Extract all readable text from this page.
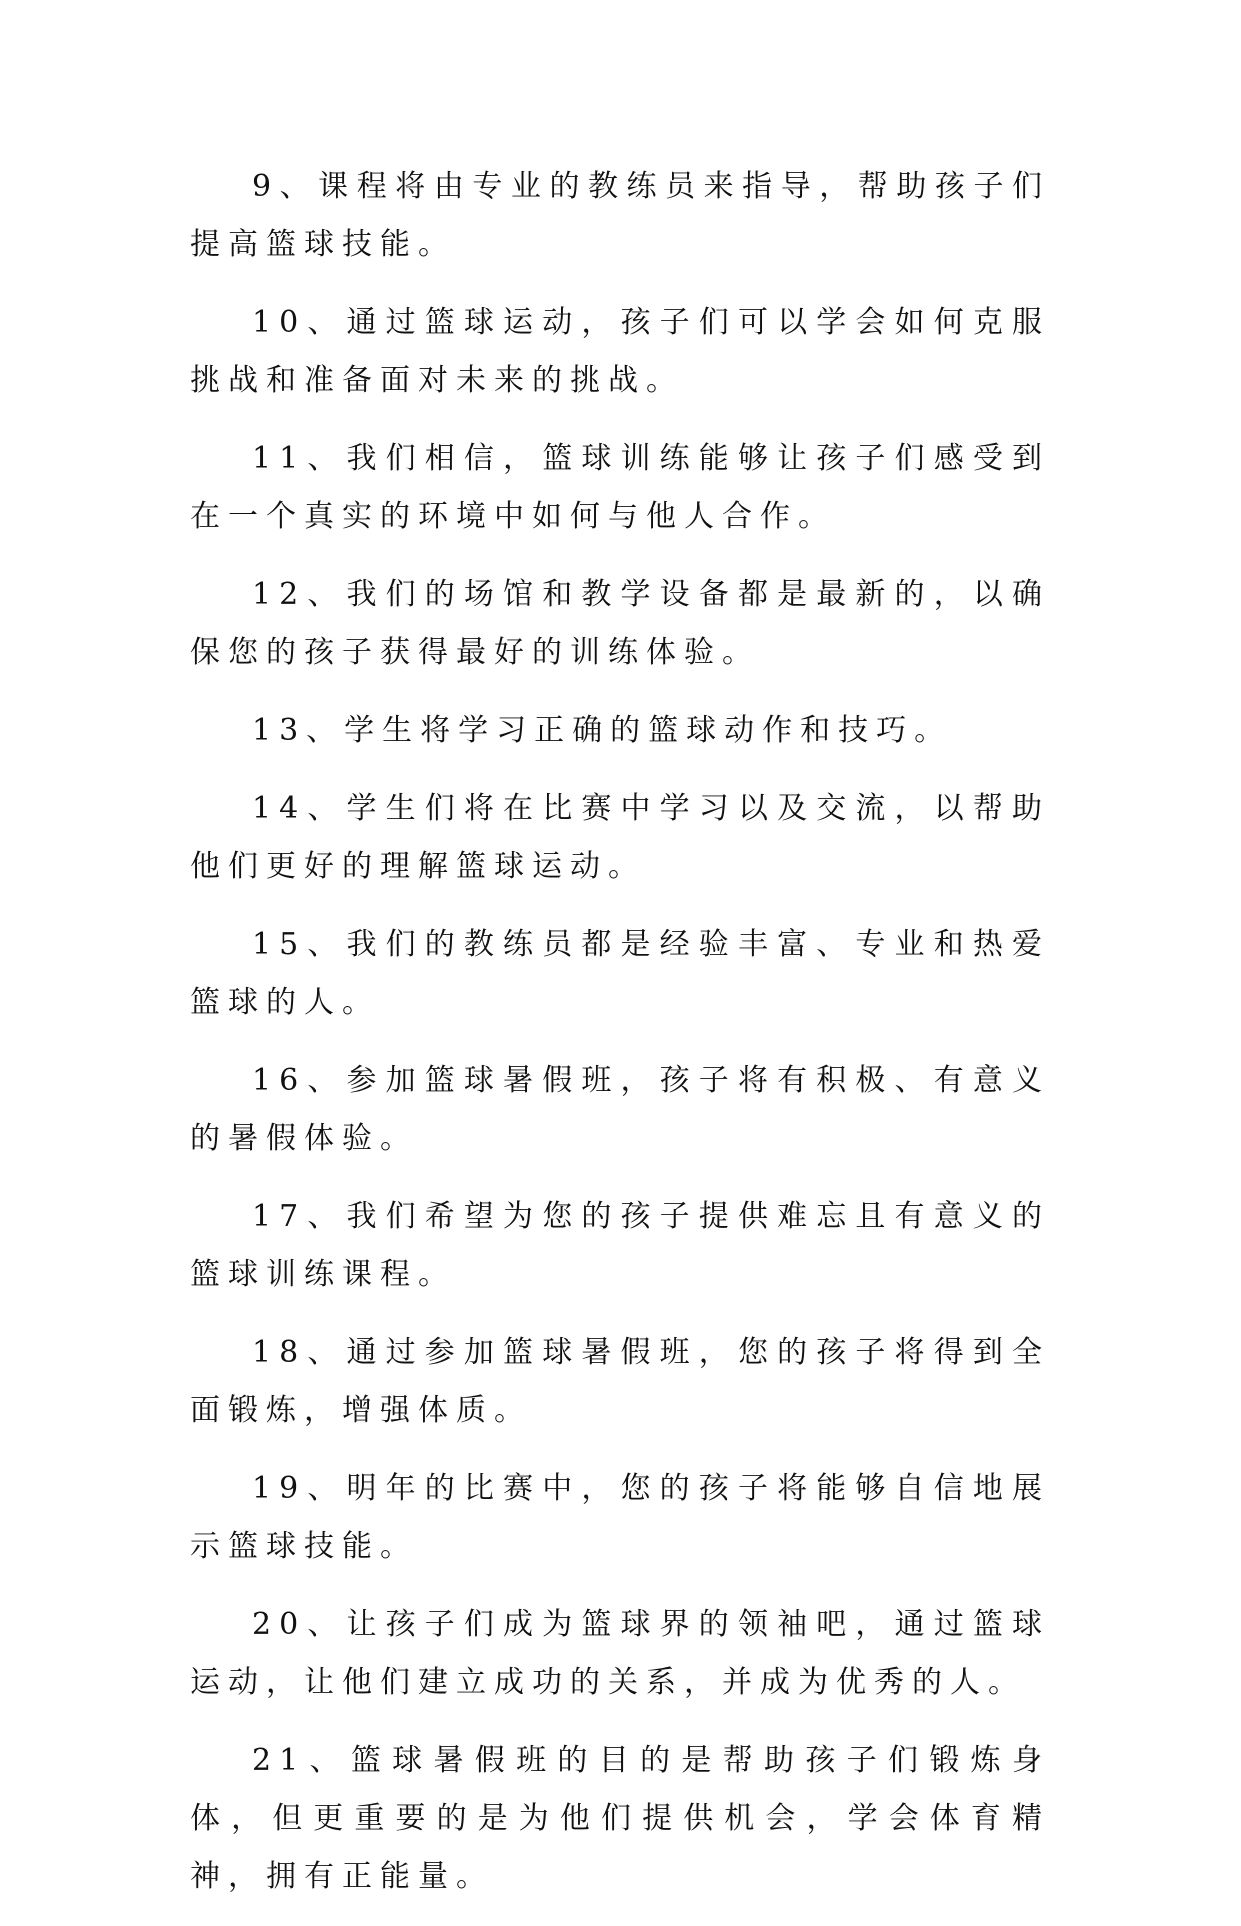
9、课程将由专业的教练员来指导，帮助孩子们提高篮球技能。

10、通过篮球运动，孩子们可以学会如何克服挑战和准备面对未来的挑战。

11、我们相信，篮球训练能够让孩子们感受到在一个真实的环境中如何与他人合作。

12、我们的场馆和教学设备都是最新的，以确保您的孩子获得最好的训练体验。

13、学生将学习正确的篮球动作和技巧。

14、学生们将在比赛中学习以及交流，以帮助他们更好的理解篮球运动。

15、我们的教练员都是经验丰富、专业和热爱篮球的人。

16、参加篮球暑假班，孩子将有积极、有意义的暑假体验。

17、我们希望为您的孩子提供难忘且有意义的篮球训练课程。

18、通过参加篮球暑假班，您的孩子将得到全面锻炼，增强体质。

19、明年的比赛中，您的孩子将能够自信地展示篮球技能。

20、让孩子们成为篮球界的领袖吧，通过篮球运动，让他们建立成功的关系，并成为优秀的人。

21、篮球暑假班的目的是帮助孩子们锻炼身体，但更重要的是为他们提供机会，学会体育精神，拥有正能量。
